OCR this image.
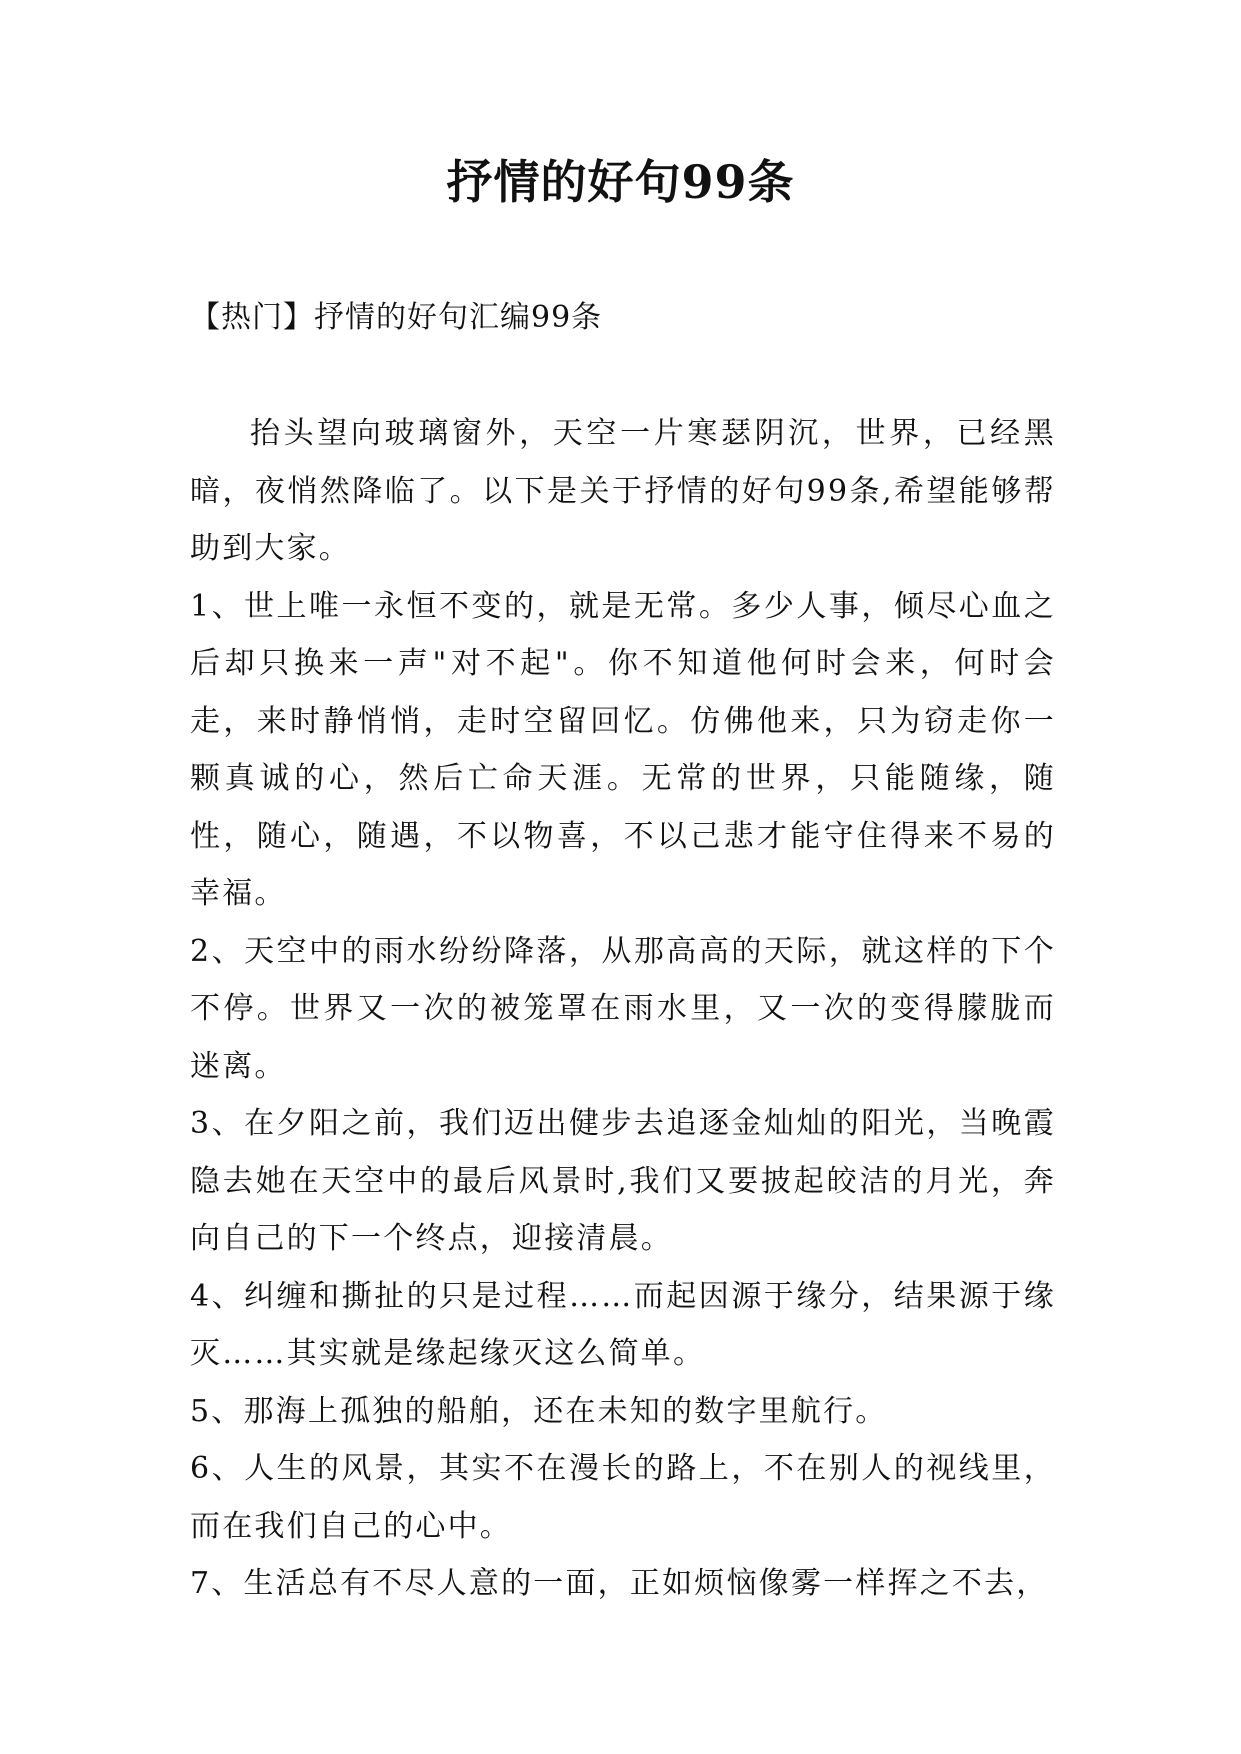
抒情的好句99条
【热门】抒情的好句汇编99条

抬头望向玻璃窗外，天空一片寒瑟阴沉，世界，已经黑暗，夜悄然降临了。以下是关于抒情的好句99条,希望能够帮助到大家。

1、世上唯一永恒不变的，就是无常。多少人事，倾尽心血之后却只换来一声"对不起"。你不知道他何时会来，何时会走，来时静悄悄，走时空留回忆。仿佛他来，只为窃走你一颗真诚的心，然后亡命天涯。无常的世界，只能随缘，随性，随心，随遇，不以物喜，不以己悲才能守住得来不易的幸福。

2、天空中的雨水纷纷降落，从那高高的天际，就这样的下个不停。世界又一次的被笼罩在雨水里，又一次的变得朦胧而迷离。

3、在夕阳之前，我们迈出健步去追逐金灿灿的阳光，当晚霞隐去她在天空中的最后风景时,我们又要披起皎洁的月光，奔向自己的下一个终点，迎接清晨。

4、纠缠和撕扯的只是过程……而起因源于缘分，结果源于缘灭……其实就是缘起缘灭这么简单。

5、那海上孤独的船舶，还在未知的数字里航行。

6、人生的风景，其实不在漫长的路上，不在别人的视线里，而在我们自己的心中。

7、生活总有不尽人意的一面，正如烦恼像雾一样挥之不去，
